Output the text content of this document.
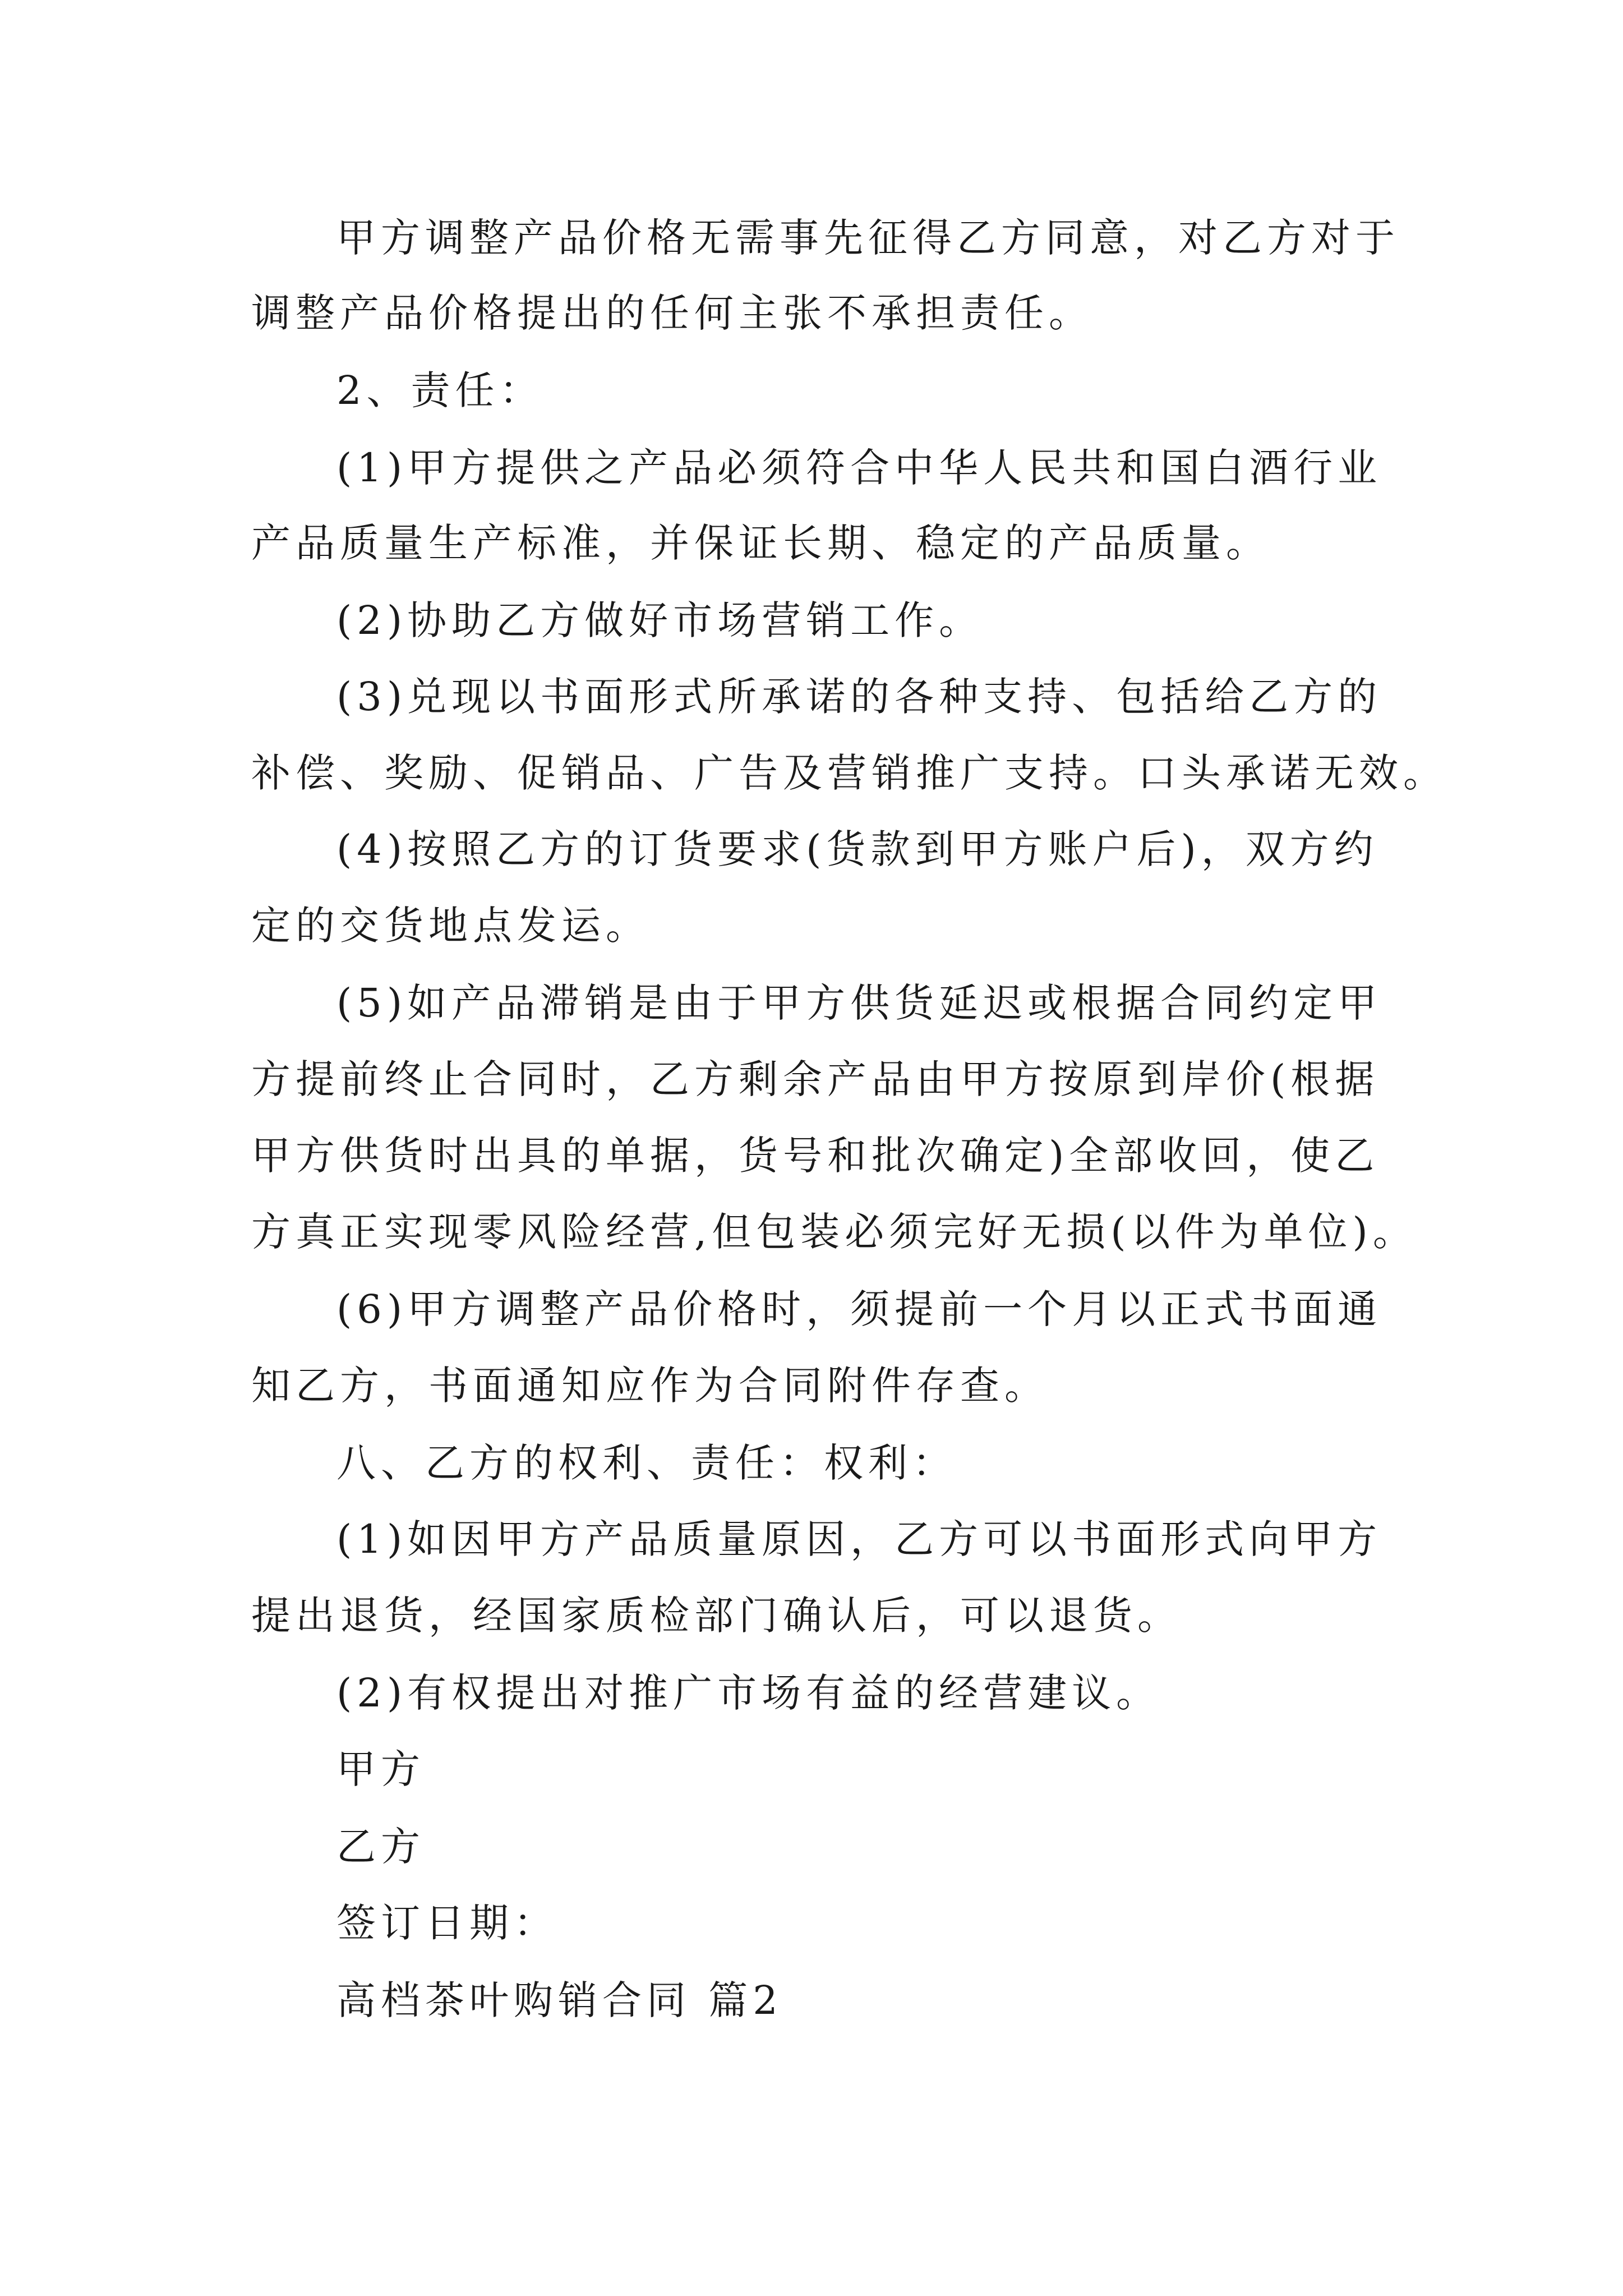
甲方调整产品价格无需事先征得乙方同意，对乙方对于
调整产品价格提出的任何主张不承担责任。
2、责任：
(1)甲方提供之产品必须符合中华人民共和国白酒行业
产品质量生产标准，并保证长期、稳定的产品质量。
(2)协助乙方做好市场营销工作。
(3)兑现以书面形式所承诺的各种支持、包括给乙方的
补偿、奖励、促销品、广告及营销推广支持。口头承诺无效。
(4)按照乙方的订货要求(货款到甲方账户后)，双方约
定的交货地点发运。
(5)如产品滞销是由于甲方供货延迟或根据合同约定甲
方提前终止合同时，乙方剩余产品由甲方按原到岸价(根据
甲方供货时出具的单据，货号和批次确定)全部收回，使乙
方真正实现零风险经营,但包装必须完好无损(以件为单位)。
(6)甲方调整产品价格时，须提前一个月以正式书面通
知乙方，书面通知应作为合同附件存查。
八、乙方的权利、责任：权利：
(1)如因甲方产品质量原因，乙方可以书面形式向甲方
提出退货，经国家质检部门确认后，可以退货。
(2)有权提出对推广市场有益的经营建议。
甲方
乙方
签订日期：
高档茶叶购销合同 篇2
